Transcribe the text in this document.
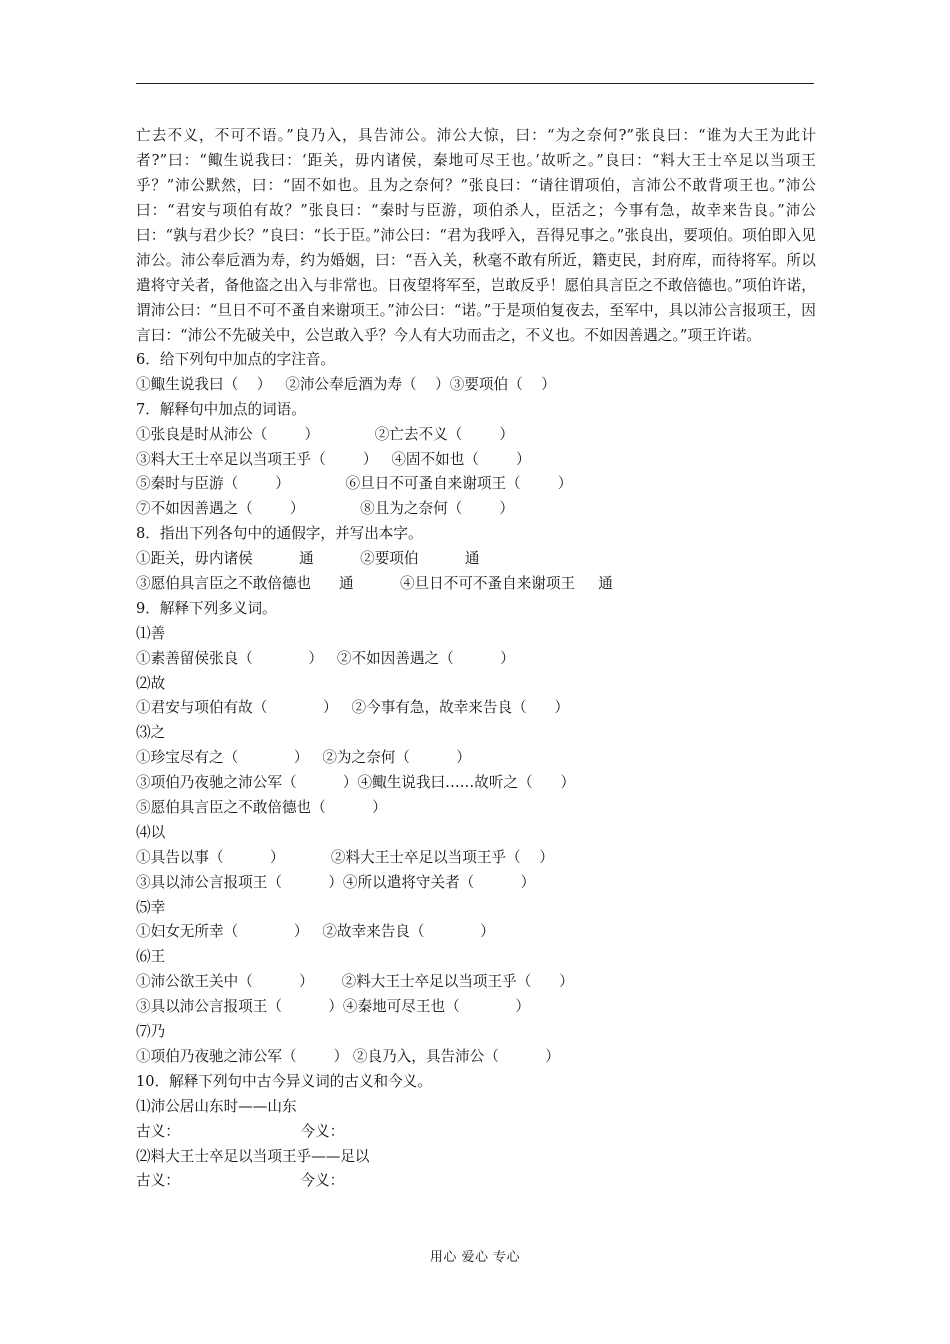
亡去不义，不可不语。”良乃入，具告沛公。沛公大惊，曰：“为之奈何?”张良曰：“谁为大王为此计者?”曰：“鲰生说我曰：‘距关，毋内诸侯，秦地可尽王也。’故听之。”良曰：“料大王士卒足以当项王乎？”沛公默然，曰：“固不如也。且为之奈何？”张良曰：“请往谓项伯，言沛公不敢背项王也。”沛公曰：“君安与项伯有故？”张良曰：“秦时与臣游，项伯杀人，臣活之；今事有急，故幸来告良。”沛公曰：“孰与君少长？”良曰：“长于臣。”沛公曰：“君为我呼入，吾得兄事之。”张良出，要项伯。项伯即入见沛公。沛公奉卮酒为寿，约为婚姻，曰：“吾入关，秋毫不敢有所近，籍吏民，封府库，而待将军。所以遣将守关者，备他盗之出入与非常也。日夜望将军至，岂敢反乎！愿伯具言臣之不敢倍德也。”项伯许诺，谓沛公曰：“旦日不可不蚤自来谢项王。”沛公曰：“诺。”于是项伯复夜去，至军中，具以沛公言报项王，因言曰：“沛公不先破关中，公岂敢入乎？今人有大功而击之，不义也。不如因善遇之。”项王许诺。

6．给下列句中加点的字注音。
①鲰生说我曰（    ）   ②沛公奉卮酒为寿（    ）③要项伯（    ）
7．解释句中加点的词语。
①张良是时从沛公（        ）            ②亡去不义（        ）
③料大王士卒足以当项王乎（        ）   ④固不如也（        ）
⑤秦时与臣游（        ）            ⑥旦日不可蚤自来谢项王（        ）
⑦不如因善遇之（        ）            ⑧且为之奈何（        ）
8．指出下列各句中的通假字，并写出本字。
①距关，毋内诸侯          通          ②要项伯          通
③愿伯具言臣之不敢倍德也      通          ④旦日不可不蚤自来谢项王     通
9．解释下列多义词。
⑴善
①素善留侯张良（            ）   ②不如因善遇之（          ）
⑵故
①君安与项伯有故（            ）   ②今事有急，故幸来告良（      ）
⑶之
①珍宝尽有之（            ）   ②为之奈何（          ）
③项伯乃夜驰之沛公军（          ）④鲰生说我曰……故听之（      ）
⑤愿伯具言臣之不敢倍德也（          ）
⑷以
①具告以事（          ）          ②料大王士卒足以当项王乎（    ）
③具以沛公言报项王（          ）④所以遣将守关者（          ）
⑸幸
①妇女无所幸（            ）   ②故幸来告良（            ）
⑹王
①沛公欲王关中（          ）      ②料大王士卒足以当项王乎（      ）
③具以沛公言报项王（          ）④秦地可尽王也（            ）
⑺乃
①项伯乃夜驰之沛公军（        ） ②良乃入，具告沛公（          ）
10．解释下列句中古今异义词的古义和今义。
⑴沛公居山东时——山东
古义：                          今义：
⑵料大王士卒足以当项王乎——足以
古义：                          今义：
用心 爱心 专心
